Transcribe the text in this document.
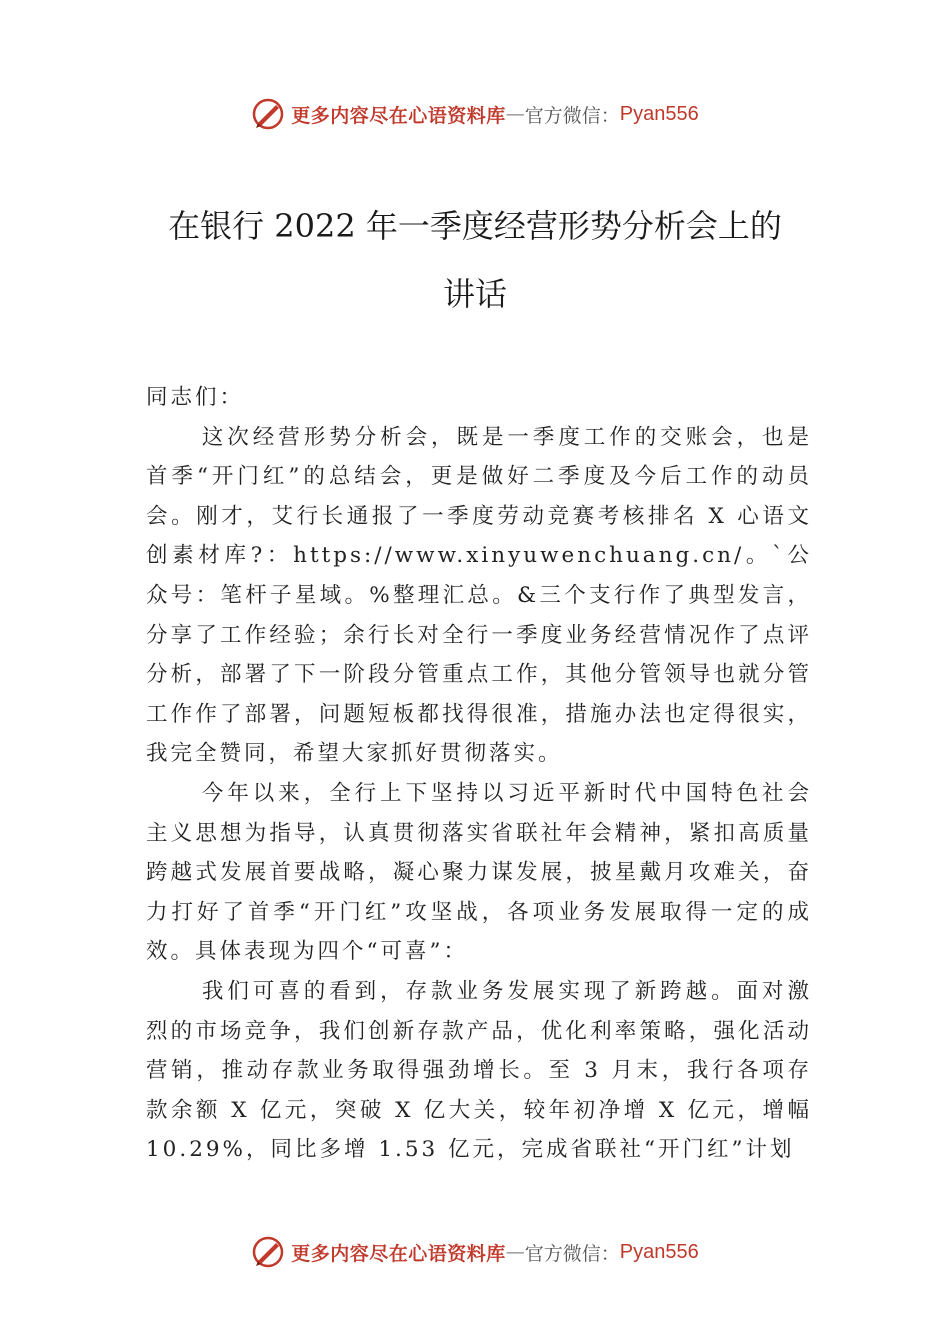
更多内容尽在心语资料库 — 官方微信： Pyan556
在银行 2022 年一季度经营形势分析会上的
讲话

同志们：

这次经营形势分析会，既是一季度工作的交账会，也是首季“开门红”的总结会，更是做好二季度及今后工作的动员会。刚才，艾行长通报了一季度劳动竞赛考核排名 X 心语文创素材库?：https://www.xinyuwenchuang.cn/。`公众号：笔杆子星域。%整理汇总。&三个支行作了典型发言，分享了工作经验；余行长对全行一季度业务经营情况作了点评分析，部署了下一阶段分管重点工作，其他分管领导也就分管工作作了部署，问题短板都找得很准，措施办法也定得很实，我完全赞同，希望大家抓好贯彻落实。

今年以来，全行上下坚持以习近平新时代中国特色社会主义思想为指导，认真贯彻落实省联社年会精神，紧扣高质量跨越式发展首要战略，凝心聚力谋发展，披星戴月攻难关，奋力打好了首季“开门红”攻坚战，各项业务发展取得一定的成效。具体表现为四个“可喜”：

我们可喜的看到，存款业务发展实现了新跨越。面对激烈的市场竞争，我们创新存款产品，优化利率策略，强化活动营销，推动存款业务取得强劲增长。至 3 月末，我行各项存款余额 X 亿元，突破 X 亿大关，较年初净增 X 亿元，增幅 10.29%，同比多增 1.53 亿元，完成省联社“开门红”计划

更多内容尽在心语资料库 — 官方微信： Pyan556
